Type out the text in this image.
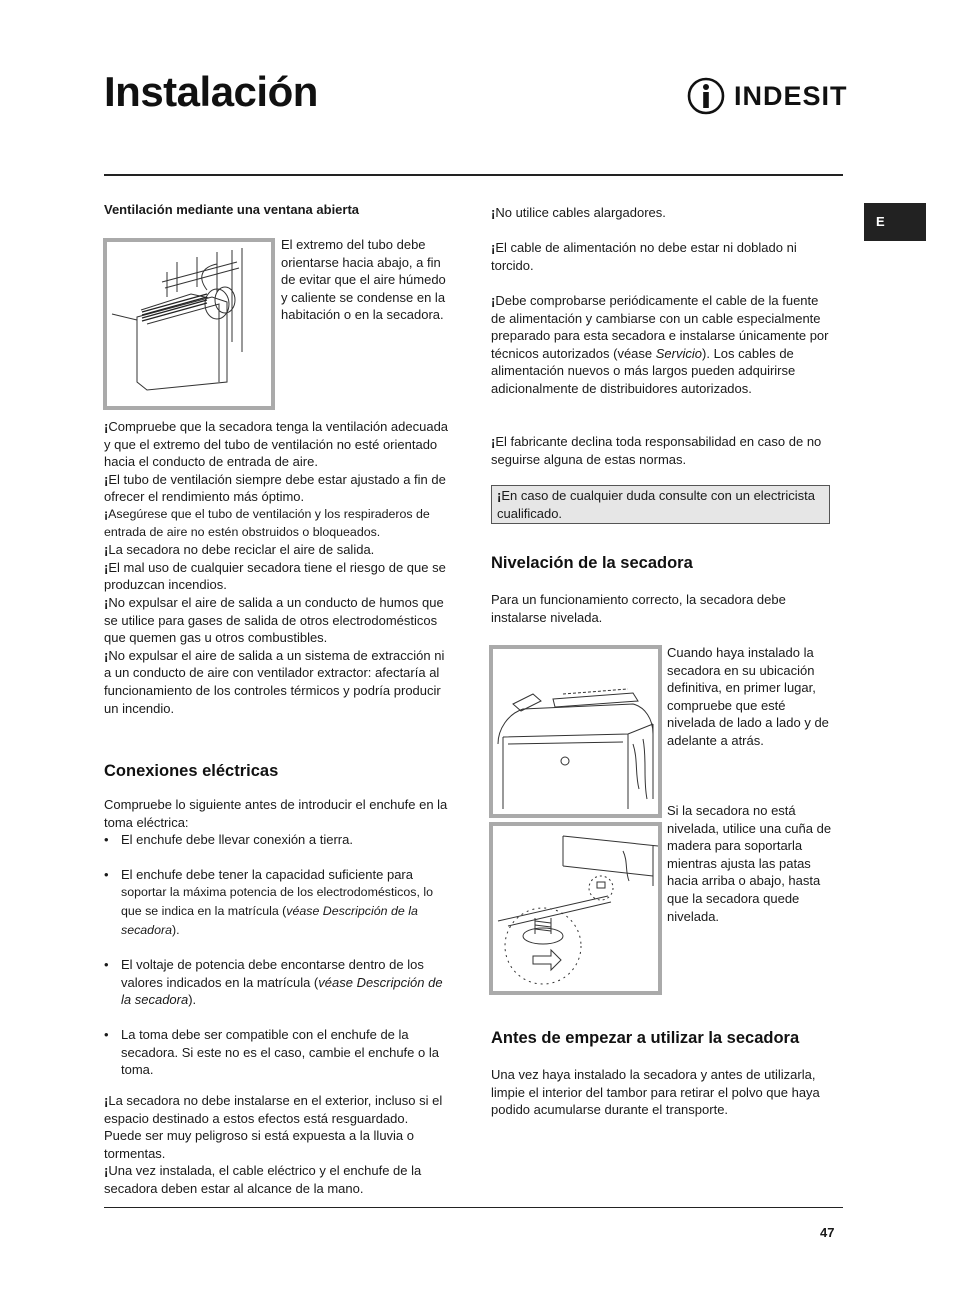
Instalación	INDESIT
E
Ventilación mediante una ventana abierta
El extremo del tubo debe orientarse hacia abajo, a fin de evitar que el aire húmedo y caliente se condense en la habitación o en la secadora.

¡Compruebe que la secadora tenga la ventilación adecuada y que el extremo del tubo de ventilación no esté orientado hacia el conducto de entrada de aire.

¡El tubo de ventilación siempre debe estar ajustado a fin de ofrecer el rendimiento más óptimo.

¡Asegúrese que el tubo de ventilación y los respiraderos de entrada de aire no estén obstruidos o bloqueados.

¡La secadora no debe reciclar el aire de salida.

¡El mal uso de cualquier secadora tiene el riesgo de que se produzcan incendios.

¡No expulsar el aire de salida a un conducto de humos que se utilice para gases de salida de otros electrodomésticos que quemen gas u otros combustibles.

¡No expulsar el aire de salida a un sistema de extracción ni a un conducto de aire con ventilador extractor: afectaría al funcionamiento de los controles térmicos y podría producir un incendio.

Conexiones eléctricas

Compruebe lo siguiente antes de introducir el enchufe en la toma eléctrica:

• El enchufe debe llevar conexión a tierra.
• El enchufe debe tener la capacidad suficiente para
soportar la máxima potencia de los electrodomésticos, lo que se indica en la matrícula (véase Descripción de la secadora).
• El voltaje de potencia debe encontarse dentro de los valores indicados en la matrícula (véase Descripción de la secadora).
• La toma debe ser compatible con el enchufe de la secadora. Si este no es el caso, cambie el enchufe o la toma.

¡La secadora no debe instalarse en el exterior, incluso si el espacio destinado a estos efectos está resguardado. Puede ser muy peligroso si está expuesta a la lluvia o tormentas.

¡Una vez instalada, el cable eléctrico y el enchufe de la secadora deben estar al alcance de la mano.

¡No utilice cables alargadores.
¡El cable de alimentación no debe estar ni doblado ni torcido.
¡Debe comprobarse periódicamente el cable de la fuente de alimentación y cambiarse con un cable especialmente preparado para esta secadora e instalarse únicamente por técnicos autorizados (véase Servicio). Los cables de alimentación nuevos o más largos pueden adquirirse adicionalmente de distribuidores autorizados.
¡El fabricante declina toda responsabilidad en caso de no seguirse alguna de estas normas.
¡En caso de cualquier duda consulte con un electricista cualificado.
Nivelación de la secadora
Para un funcionamiento correcto, la secadora debe instalarse nivelada.
Cuando haya instalado la secadora en su ubicación definitiva, en primer lugar, compruebe que esté nivelada de lado a lado y de adelante a atrás.
Si la secadora no está nivelada, utilice una cuña de madera para soportarla mientras ajusta las patas hacia arriba o abajo, hasta que la secadora quede nivelada.
Antes de empezar a utilizar la secadora
Una vez haya instalado la secadora y antes de utilizarla, limpie el interior del tambor para retirar el polvo que haya podido acumularse durante el transporte.
47
